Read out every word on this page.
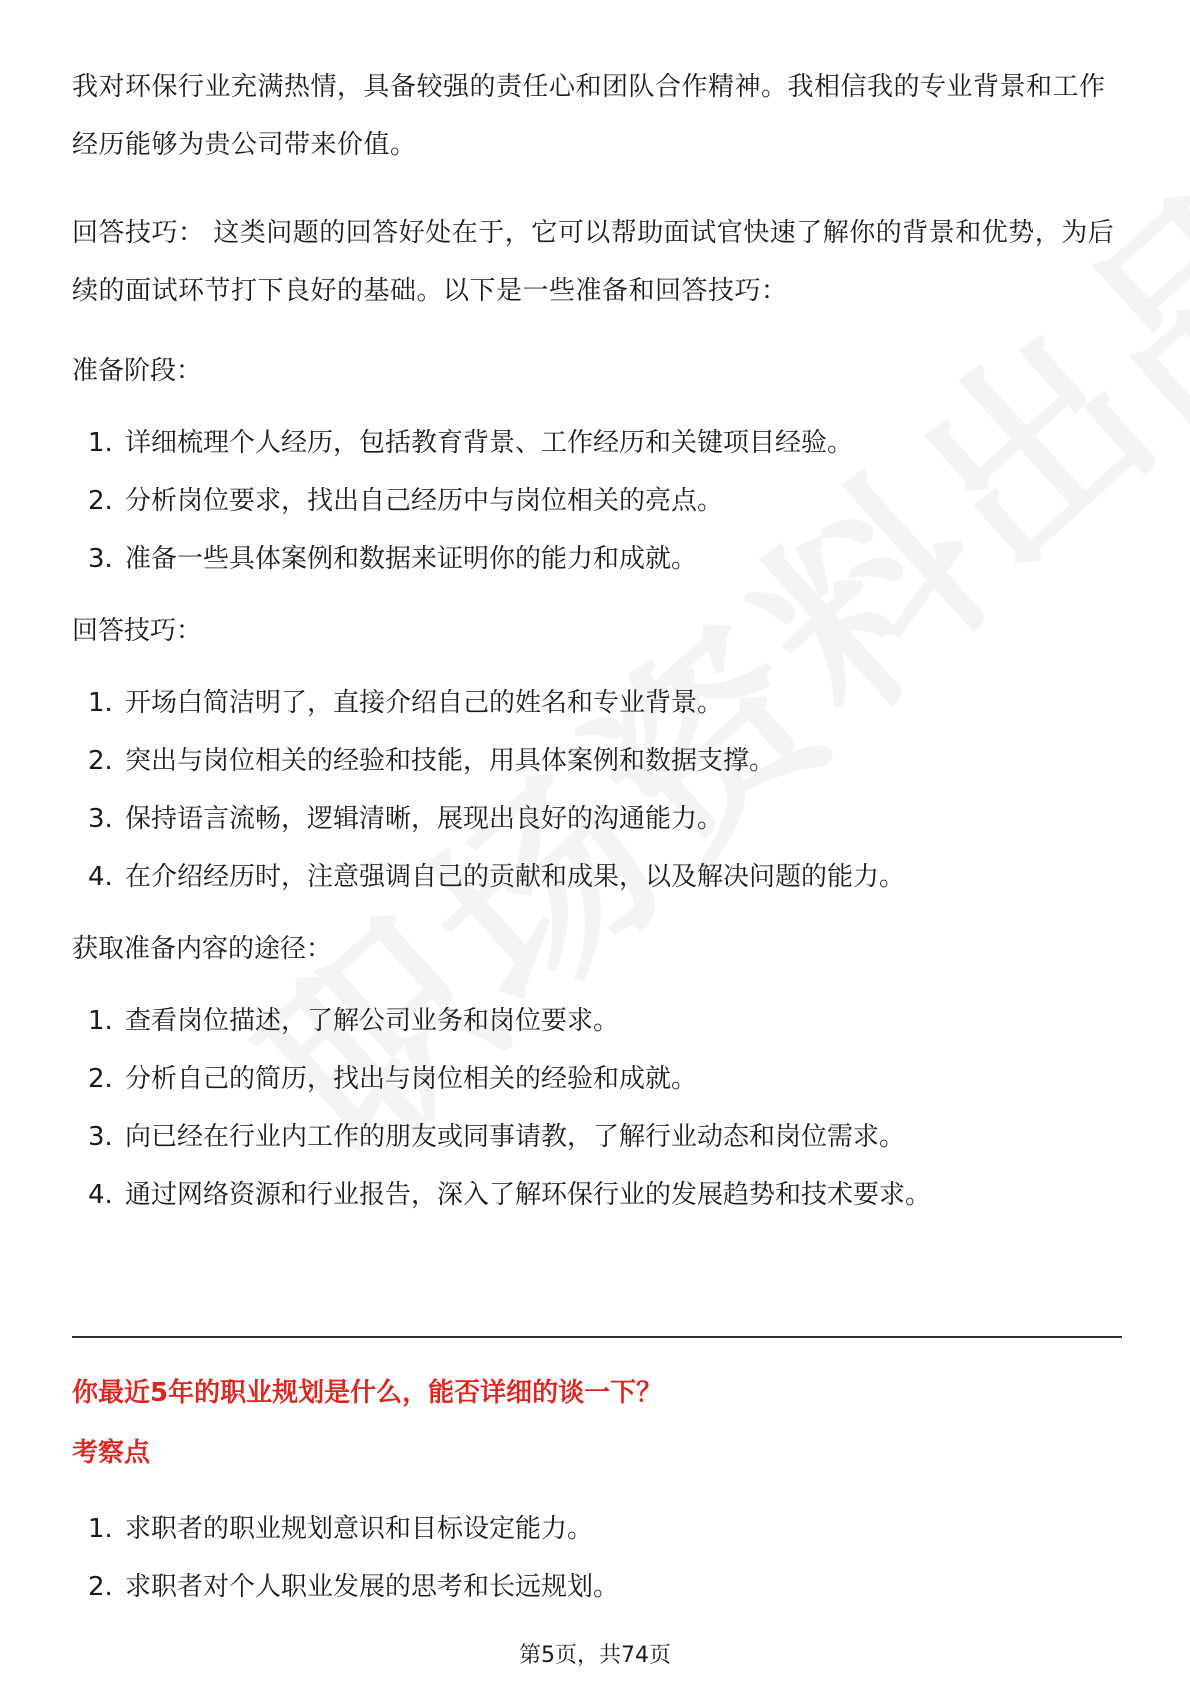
我对环保行业充满热情，具备较强的责任心和团队合作精神。我相信我的专业背景和工作经历能够为贵公司带来价值。

回答技巧： 这类问题的回答好处在于，它可以帮助面试官快速了解你的背景和优势，为后续的面试环节打下良好的基础。以下是一些准备和回答技巧：

准备阶段：

1. 详细梳理个人经历，包括教育背景、工作经历和关键项目经验。
2. 分析岗位要求，找出自己经历中与岗位相关的亮点。
3. 准备一些具体案例和数据来证明你的能力和成就。

回答技巧：

1. 开场白简洁明了，直接介绍自己的姓名和专业背景。
2. 突出与岗位相关的经验和技能，用具体案例和数据支撑。
3. 保持语言流畅，逻辑清晰，展现出良好的沟通能力。
4. 在介绍经历时，注意强调自己的贡献和成果，以及解决问题的能力。

获取准备内容的途径：

1. 查看岗位描述，了解公司业务和岗位要求。
2. 分析自己的简历，找出与岗位相关的经验和成就。
3. 向已经在行业内工作的朋友或同事请教，了解行业动态和岗位需求。
4. 通过网络资源和行业报告，深入了解环保行业的发展趋势和技术要求。

你最近5年的职业规划是什么，能否详细的谈一下？

考察点

1. 求职者的职业规划意识和目标设定能力。
2. 求职者对个人职业发展的思考和长远规划。
第5页，共74页
